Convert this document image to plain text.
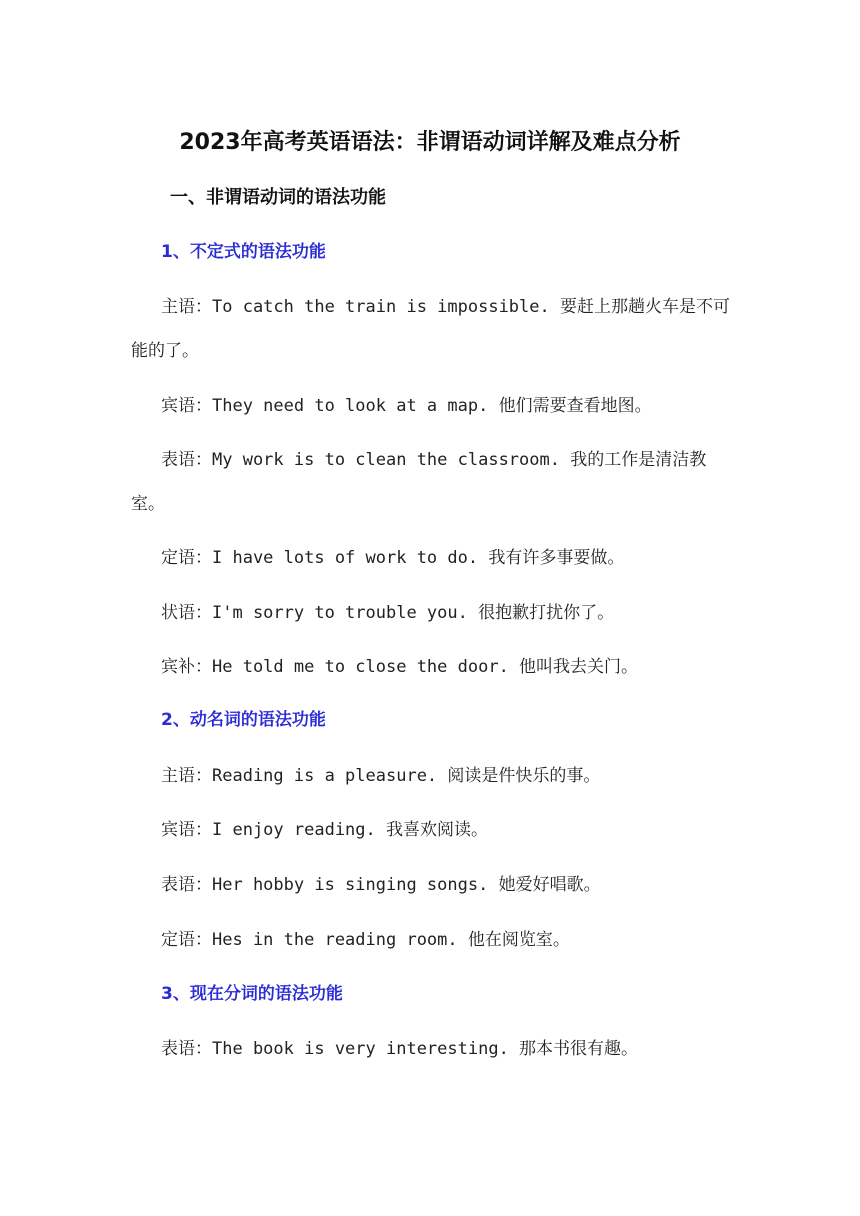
2023年高考英语语法：非谓语动词详解及难点分析
一、非谓语动词的语法功能
1、不定式的语法功能
主语：To catch the train is impossible. 要赶上那趟火车是不可能的了。
宾语：They need to look at a map. 他们需要查看地图。
表语：My work is to clean the classroom. 我的工作是清洁教室。
定语：I have lots of work to do. 我有许多事要做。
状语：I'm sorry to trouble you. 很抱歉打扰你了。
宾补：He told me to close the door. 他叫我去关门。
2、动名词的语法功能
主语：Reading is a pleasure. 阅读是件快乐的事。
宾语：I enjoy reading. 我喜欢阅读。
表语：Her hobby is singing songs. 她爱好唱歌。
定语：Hes in the reading room. 他在阅览室。
3、现在分词的语法功能
表语：The book is very interesting. 那本书很有趣。
